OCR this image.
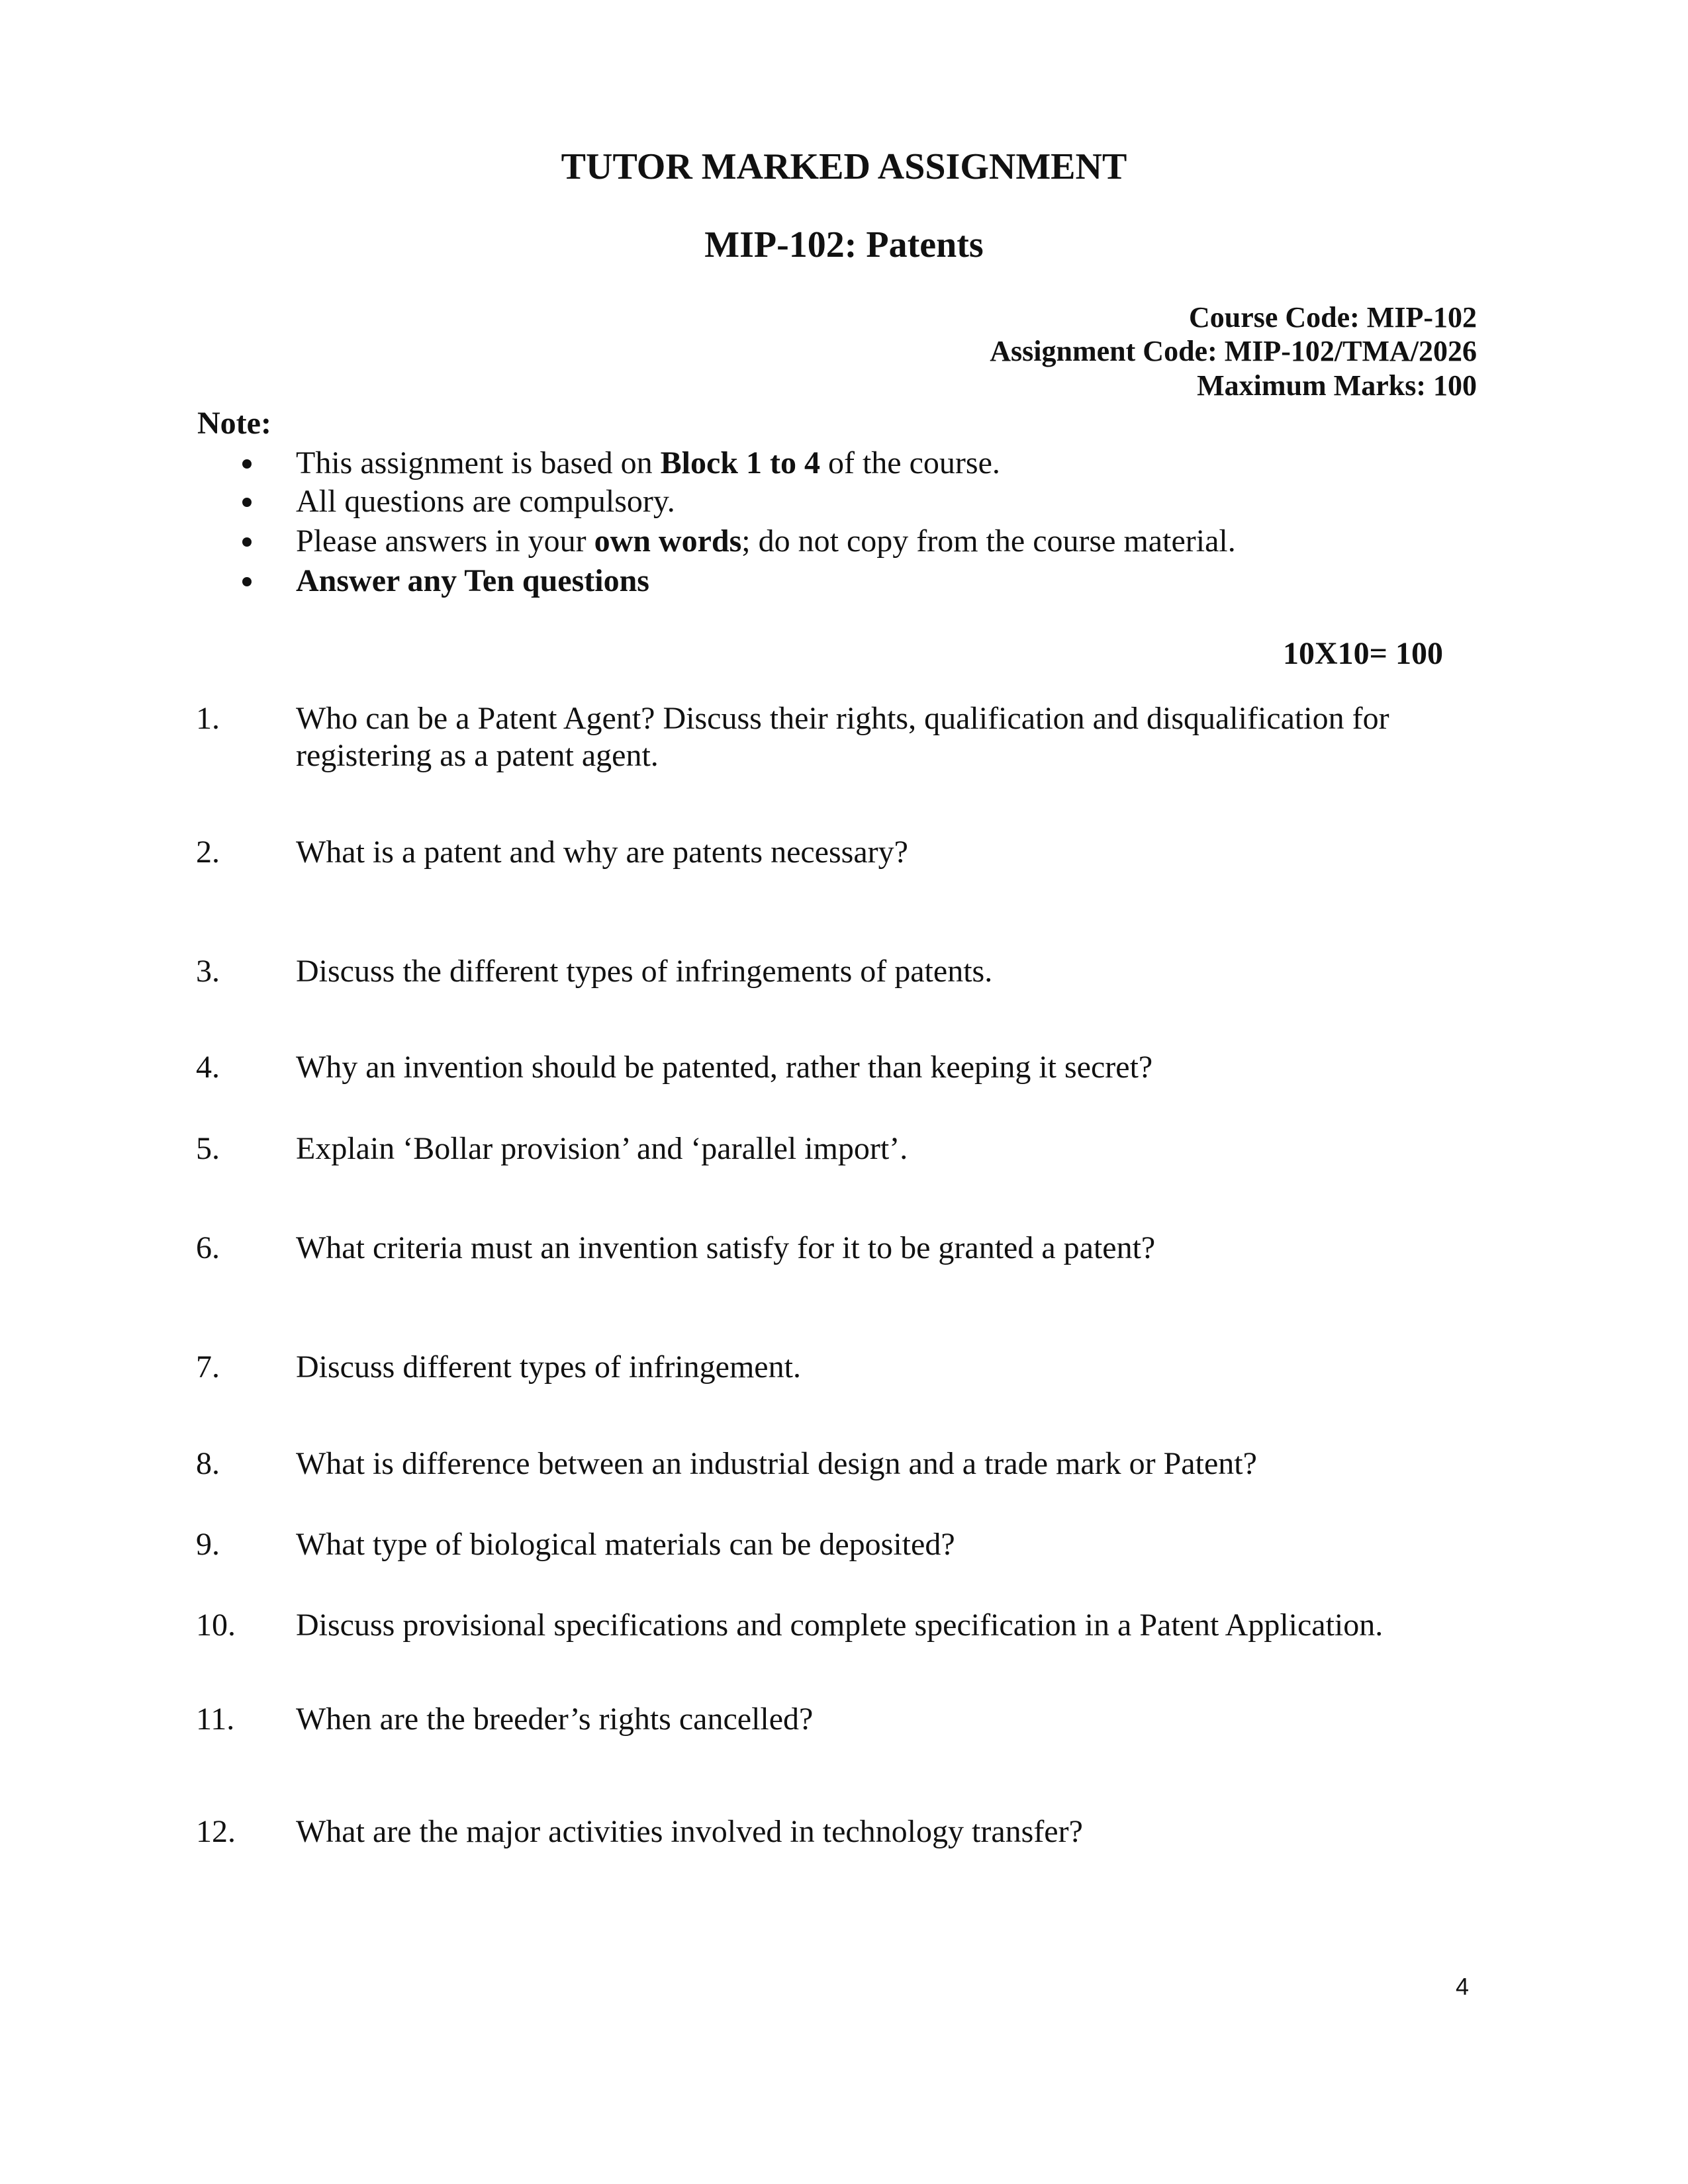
TUTOR MARKED ASSIGNMENT
MIP-102: Patents
Course Code: MIP-102
Assignment Code: MIP-102/TMA/2026
Maximum Marks: 100
Note:
This assignment is based on Block 1 to 4 of the course.
All questions are compulsory.
Please answers in your own words; do not copy from the course material.
Answer any Ten questions
10X10= 100
1. Who can be a Patent Agent? Discuss their rights, qualification and disqualification for registering as a patent agent.
2. What is a patent and why are patents necessary?
3. Discuss the different types of infringements of patents.
4. Why an invention should be patented, rather than keeping it secret?
5. Explain ‘Bollar provision’ and ‘parallel import’.
6. What criteria must an invention satisfy for it to be granted a patent?
7. Discuss different types of infringement.
8. What is difference between an industrial design and a trade mark or Patent?
9. What type of biological materials can be deposited?
10. Discuss provisional specifications and complete specification in a Patent Application.
11. When are the breeder’s rights cancelled?
12. What are the major activities involved in technology transfer?
4
